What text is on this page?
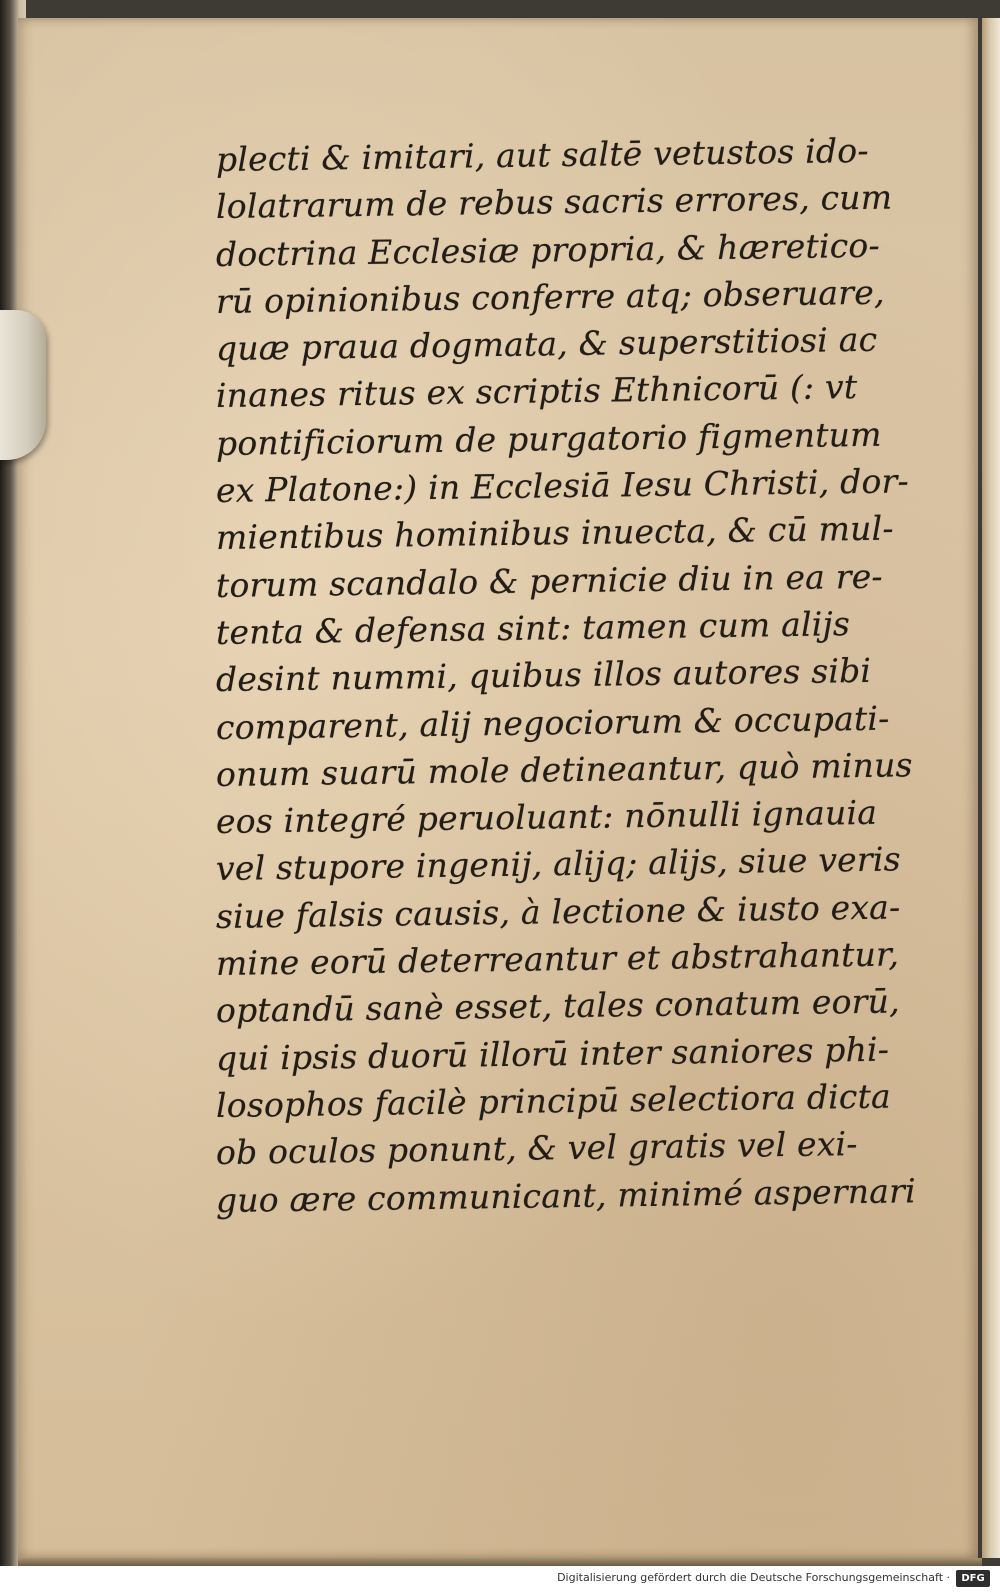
plecti & imitari, aut saltē vetustos ido-
lolatrarum de rebus sacris errores, cum
doctrina Ecclesiæ propria, & hæretico-
rū opinionibus conferre atq; obseruare,
quæ praua dogmata, & superstitiosi ac
inanes ritus ex scriptis Ethnicorū (: vt
pontificiorum de purgatorio figmentum
ex Platone:) in Ecclesiā Iesu Christi, dor-
mientibus hominibus inuecta, & cū mul-
torum scandalo & pernicie diu in ea re-
tenta & defensa sint: tamen cum alijs
desint nummi, quibus illos autores sibi
comparent, alij negociorum & occupati-
onum suarū mole detineantur, quò minus
eos integré peruoluant: nōnulli ignauia
vel stupore ingenij, alijq; alijs, siue veris
siue falsis causis, à lectione & iusto exa-
mine eorū deterreantur et abstrahantur,
optandū sanè esset, tales conatum eorū,
qui ipsis duorū illorū inter saniores phi-
losophos facilè principū selectiora dicta
ob oculos ponunt, & vel gratis vel exi-
guo ære communicant, minimé aspernari
Digitalisierung gefördert durch die Deutsche Forschungsgemeinschaft ·	DFG
